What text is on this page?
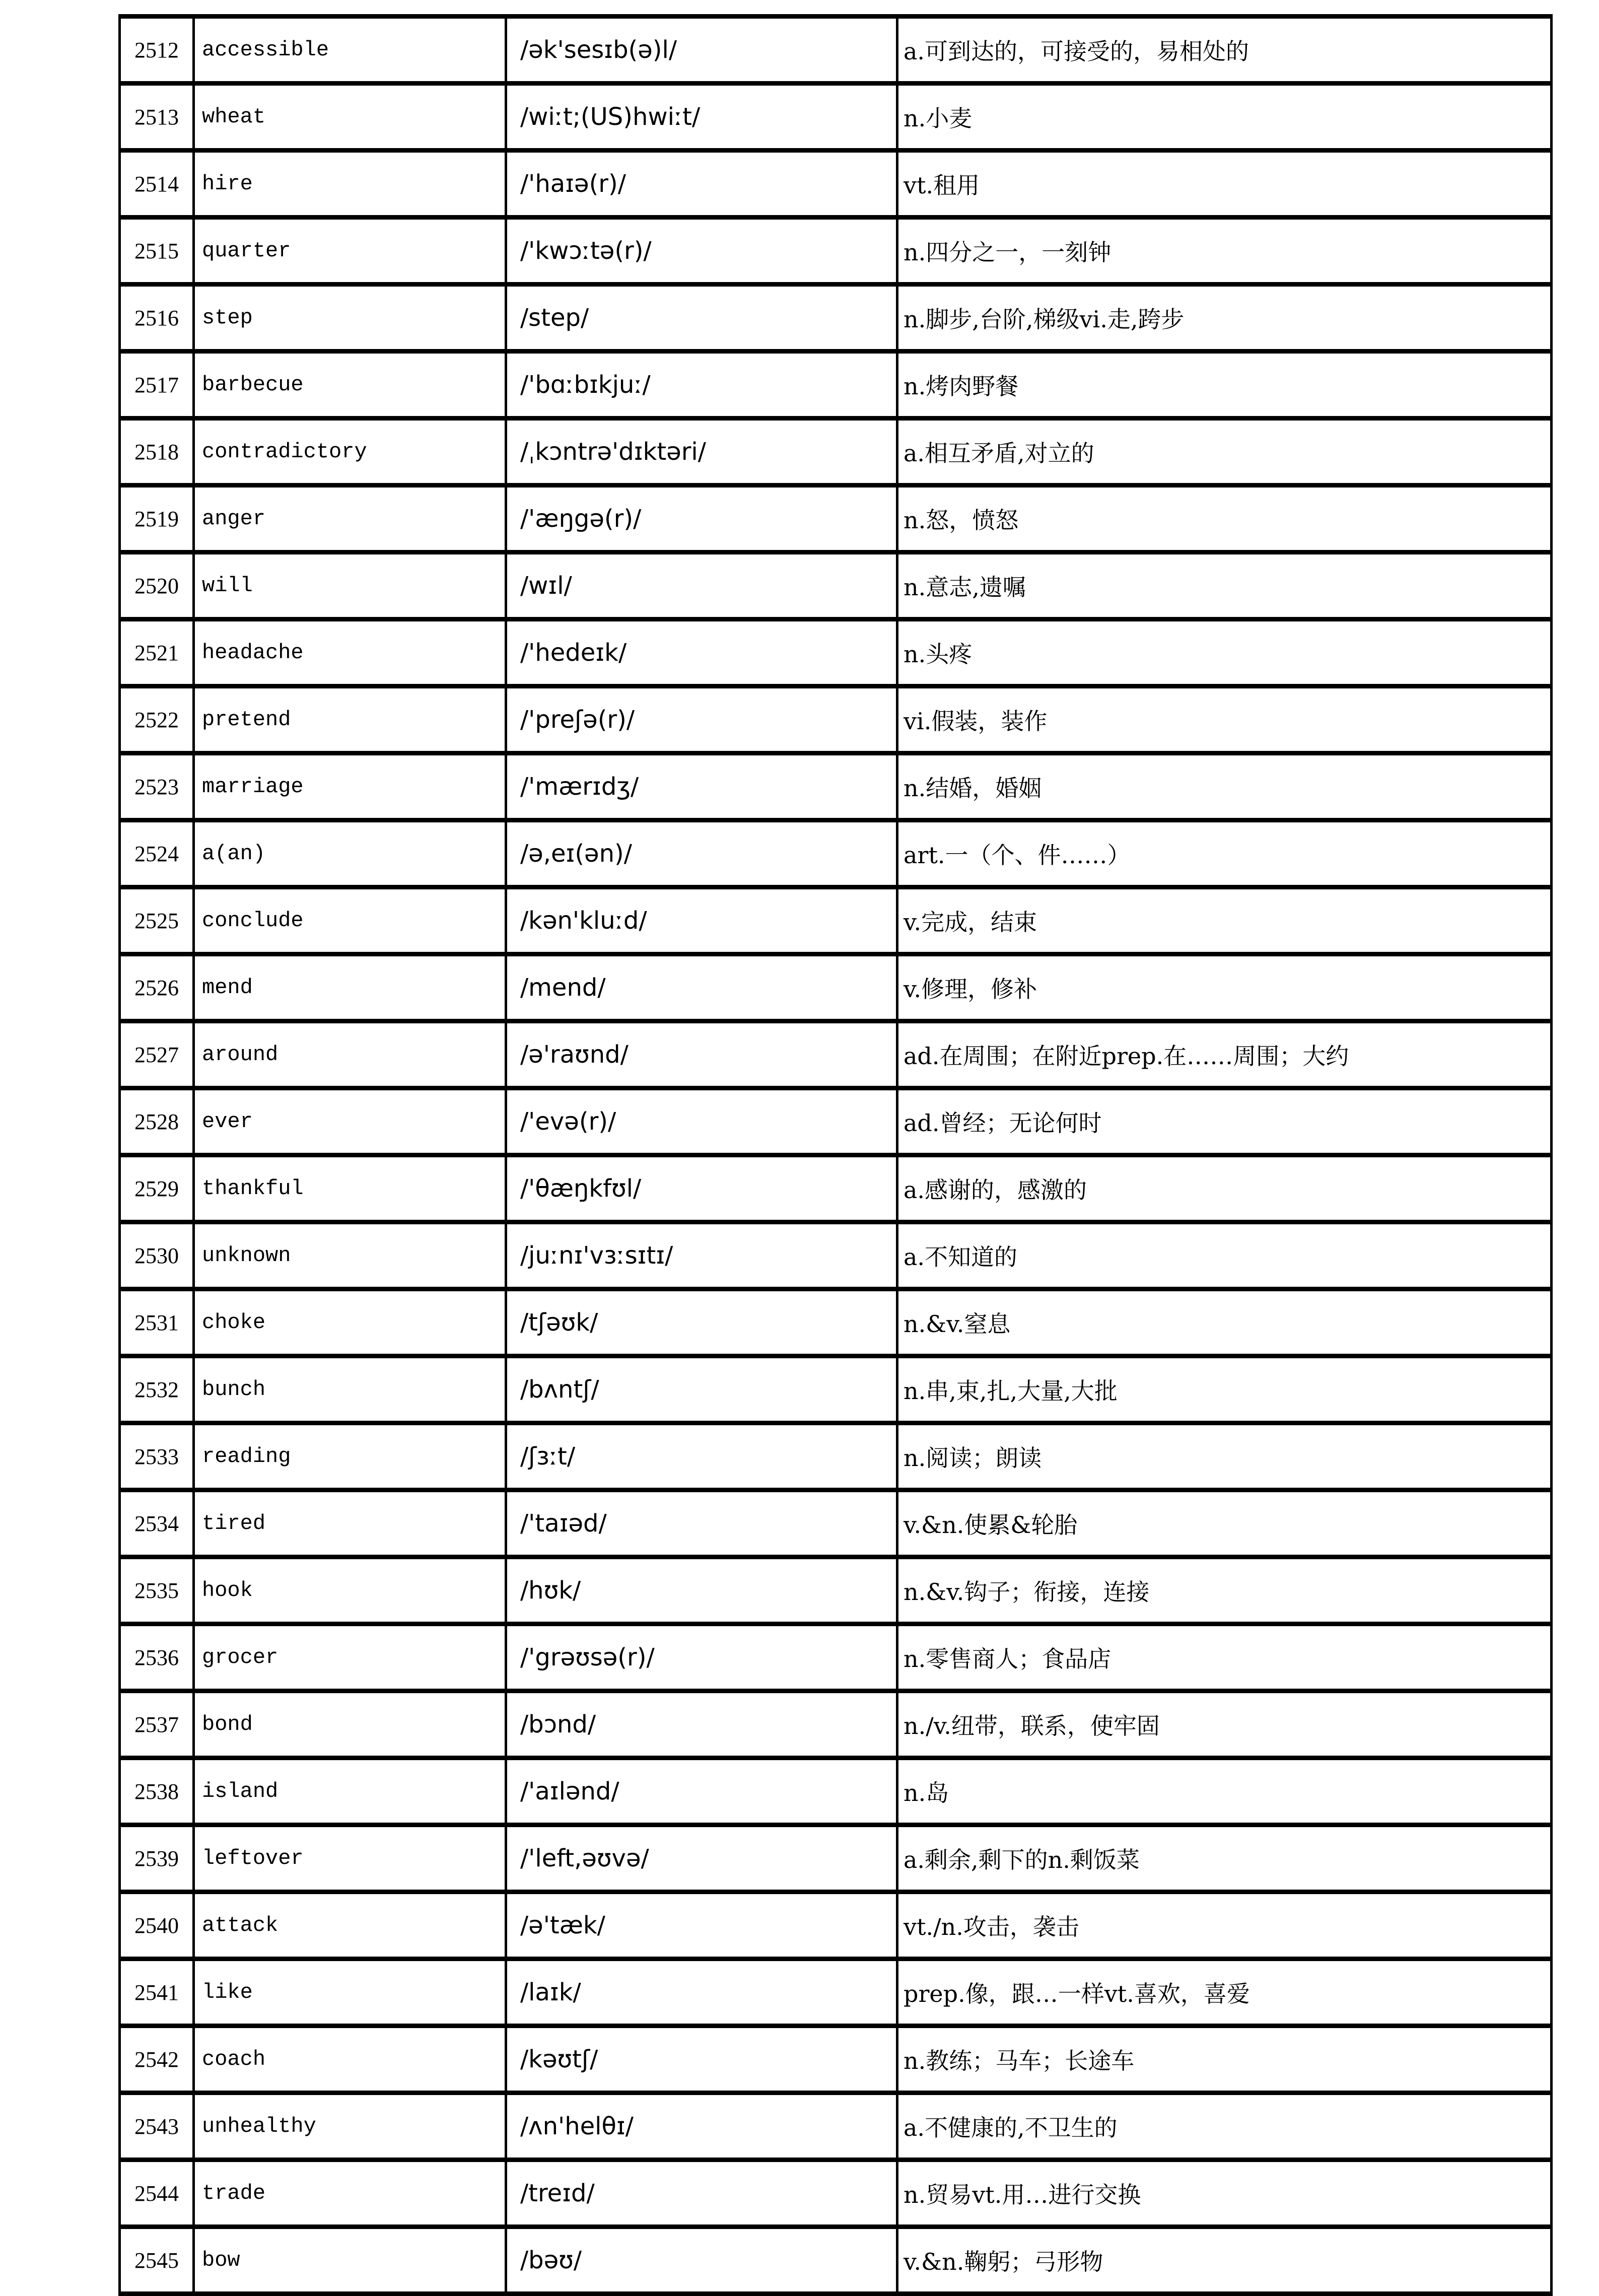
2512	accessible	/ək'sesɪb(ə)l/	a.可到达的，可接受的，易相处的
2513	wheat	/wiːt;(US)hwiːt/	n.小麦
2514	hire	/'haɪə(r)/	vt.租用
2515	quarter	/'kwɔːtə(r)/	n.四分之一，一刻钟
2516	step	/step/	n.脚步,台阶,梯级vi.走,跨步
2517	barbecue	/'bɑːbɪkjuː/	n.烤肉野餐
2518	contradictory	/ˌkɔntrə'dɪktəri/	a.相互矛盾,对立的
2519	anger	/'æŋgə(r)/	n.怒，愤怒
2520	will	/wɪl/	n.意志,遗嘱
2521	headache	/'hedeɪk/	n.头疼
2522	pretend	/'preʃə(r)/	vi.假装，装作
2523	marriage	/'mærɪdʒ/	n.结婚，婚姻
2524	a(an)	/ə,eɪ(ən)/	art.一（个、件……）
2525	conclude	/kən'kluːd/	v.完成，结束
2526	mend	/mend/	v.修理，修补
2527	around	/ə'raʊnd/	ad.在周围；在附近prep.在……周围；大约
2528	ever	/'evə(r)/	ad.曾经；无论何时
2529	thankful	/'θæŋkfʊl/	a.感谢的，感激的
2530	unknown	/juːnɪ'vɜːsɪtɪ/	a.不知道的
2531	choke	/tʃəʊk/	n.&v.窒息
2532	bunch	/bʌntʃ/	n.串,束,扎,大量,大批
2533	reading	/ʃɜːt/	n.阅读；朗读
2534	tired	/'taɪəd/	v.&n.使累&轮胎
2535	hook	/hʊk/	n.&v.钩子；衔接，连接
2536	grocer	/'grəʊsə(r)/	n.零售商人；食品店
2537	bond	/bɔnd/	n./v.纽带，联系，使牢固
2538	island	/'aɪlənd/	n.岛
2539	leftover	/'left,əʊvə/	a.剩余,剩下的n.剩饭菜
2540	attack	/ə'tæk/	vt./n.攻击，袭击
2541	like	/laɪk/	prep.像，跟…一样vt.喜欢，喜爱
2542	coach	/kəʊtʃ/	n.教练；马车；长途车
2543	unhealthy	/ʌn'helθɪ/	a.不健康的,不卫生的
2544	trade	/treɪd/	n.贸易vt.用…进行交换
2545	bow	/bəʊ/	v.&n.鞠躬；弓形物
